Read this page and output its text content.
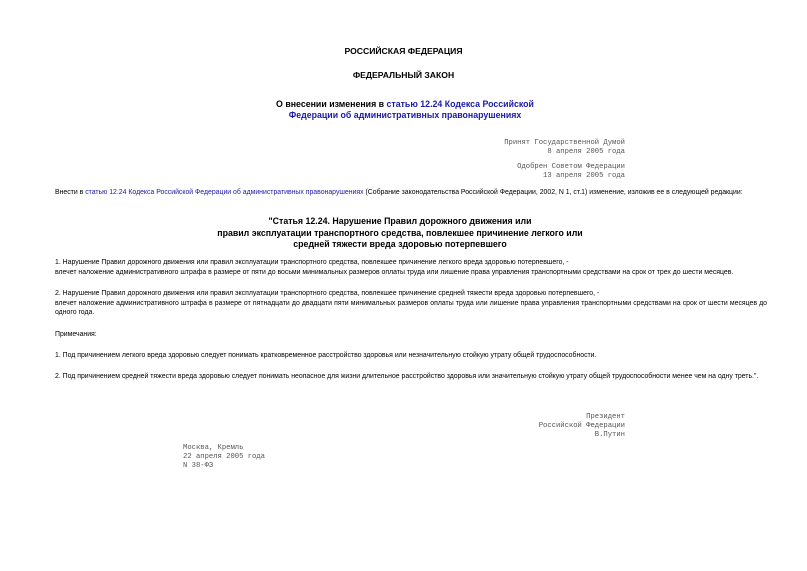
РОССИЙСКАЯ ФЕДЕРАЦИЯ
ФЕДЕРАЛЬНЫЙ ЗАКОН
О внесении изменения в статью 12.24 Кодекса Российской
Федерации об административных правонарушениях
Принят Государственной Думой
8 апреля 2005 года
Одобрен Советом Федерации
13 апреля 2005 года
Внести в статью 12.24 Кодекса Российской Федерации об административных правонарушениях (Собрание законодательства Российской Федерации, 2002, N 1, ст.1) изменение, изложив ее в следующей редакции:
"Статья 12.24. Нарушение Правил дорожного движения или
правил эксплуатации транспортного средства, повлекшее причинение легкого или
средней тяжести вреда здоровью потерпевшего

1. Нарушение Правил дорожного движения или правил эксплуатации транспортного средства, повлекшее причинение легкого вреда здоровью потерпевшего, -

влечет наложение административного штрафа в размере от пяти до восьми минимальных размеров оплаты труда или лишение права управления транспортными средствами на срок от трех до шести месяцев.

2. Нарушение Правил дорожного движения или правил эксплуатации транспортного средства, повлекшее причинение средней тяжести вреда здоровью потерпевшего, -

влечет наложение административного штрафа в размере от пятнадцати до двадцати пяти минимальных размеров оплаты труда или лишение права управления транспортными средствами на срок от шести месяцев до одного года.

Примечания:
1. Под причинением легкого вреда здоровью следует понимать кратковременное расстройство здоровья или незначительную стойкую утрату общей трудоспособности.
2. Под причинением средней тяжести вреда здоровью следует понимать неопасное для жизни длительное расстройство здоровья или значительную стойкую утрату общей трудоспособности менее чем на одну треть.".
Президент
Российской Федерации
В.Путин
Москва, Кремль
22 апреля 2005 года
N 38-ФЗ
